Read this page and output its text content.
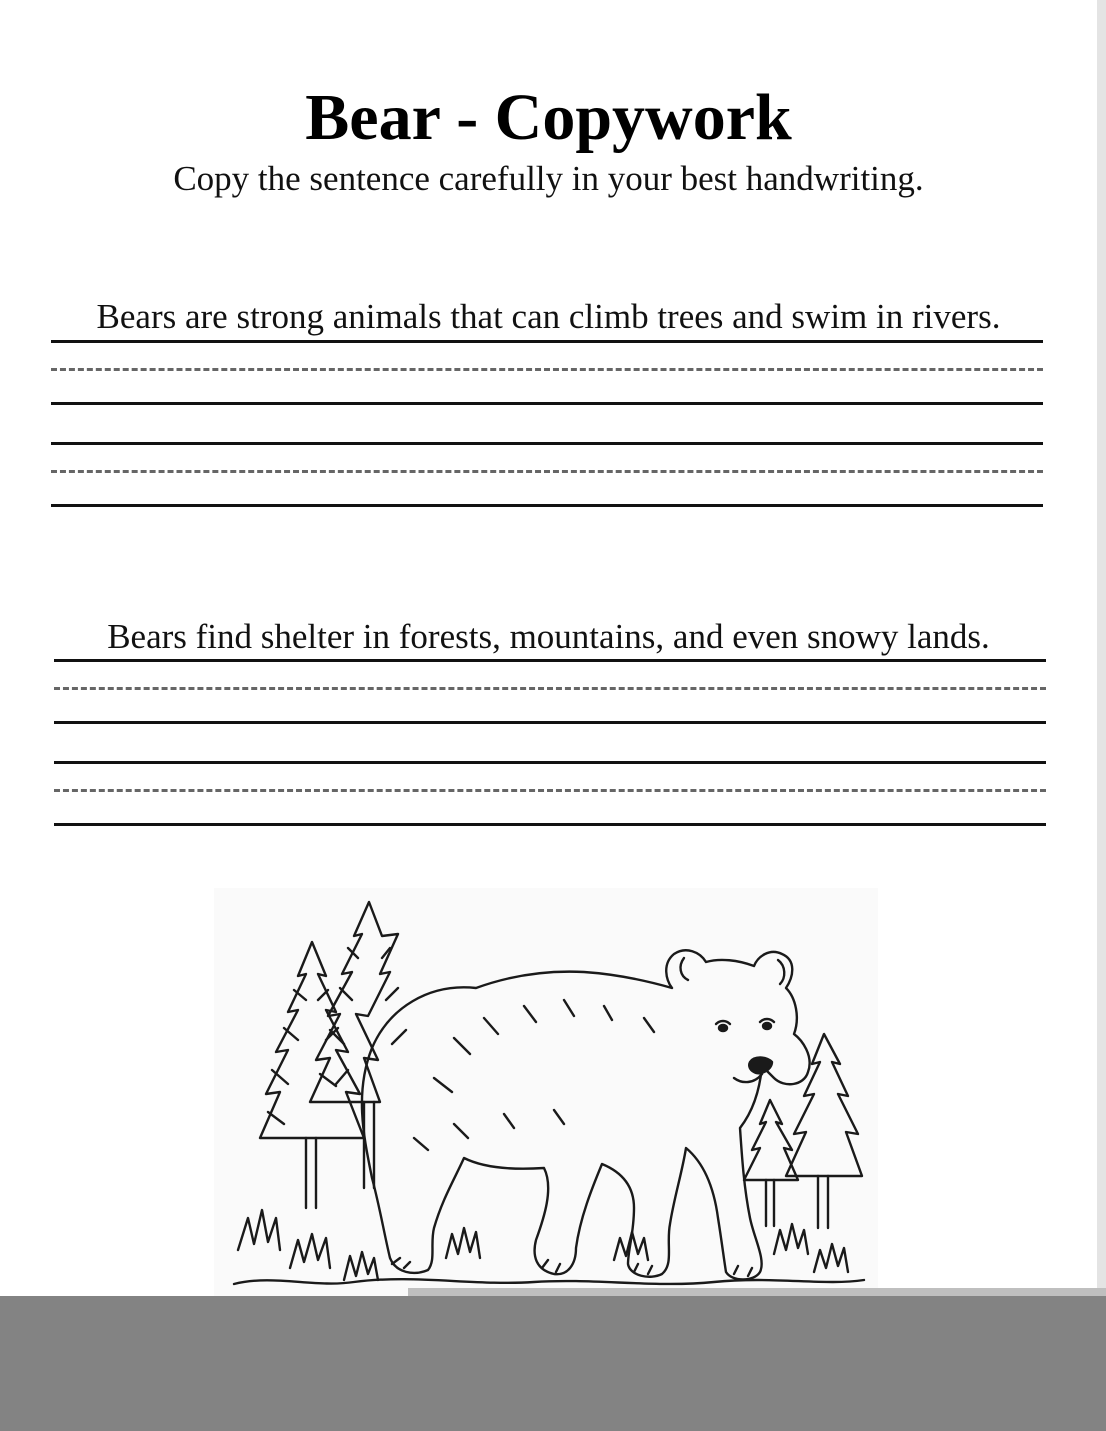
Bear - Copywork
Copy the sentence carefully in your best handwriting.
Bears are strong animals that can climb trees and swim in rivers.
Bears find shelter in forests, mountains, and even snowy lands.
